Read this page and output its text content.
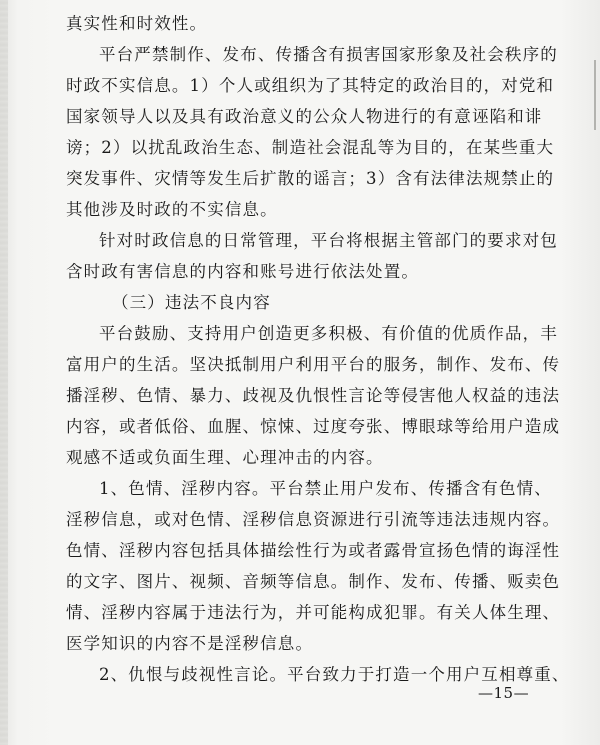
真实性和时效性。
平台严禁制作、发布、传播含有损害国家形象及社会秩序的
时政不实信息。1）个人或组织为了其特定的政治目的，对党和
国家领导人以及具有政治意义的公众人物进行的有意诬陷和诽
谤；2）以扰乱政治生态、制造社会混乱等为目的，在某些重大
突发事件、灾情等发生后扩散的谣言；3）含有法律法规禁止的
其他涉及时政的不实信息。
针对时政信息的日常管理，平台将根据主管部门的要求对包
含时政有害信息的内容和账号进行依法处置。
（三）违法不良内容
平台鼓励、支持用户创造更多积极、有价值的优质作品，丰
富用户的生活。坚决抵制用户利用平台的服务，制作、发布、传
播淫秽、色情、暴力、歧视及仇恨性言论等侵害他人权益的违法
内容，或者低俗、血腥、惊悚、过度夸张、博眼球等给用户造成
观感不适或负面生理、心理冲击的内容。
1、色情、淫秽内容。平台禁止用户发布、传播含有色情、
淫秽信息，或对色情、淫秽信息资源进行引流等违法违规内容。
色情、淫秽内容包括具体描绘性行为或者露骨宣扬色情的诲淫性
的文字、图片、视频、音频等信息。制作、发布、传播、贩卖色
情、淫秽内容属于违法行为，并可能构成犯罪。有关人体生理、
医学知识的内容不是淫秽信息。
2、仇恨与歧视性言论。平台致力于打造一个用户互相尊重、
—15—
